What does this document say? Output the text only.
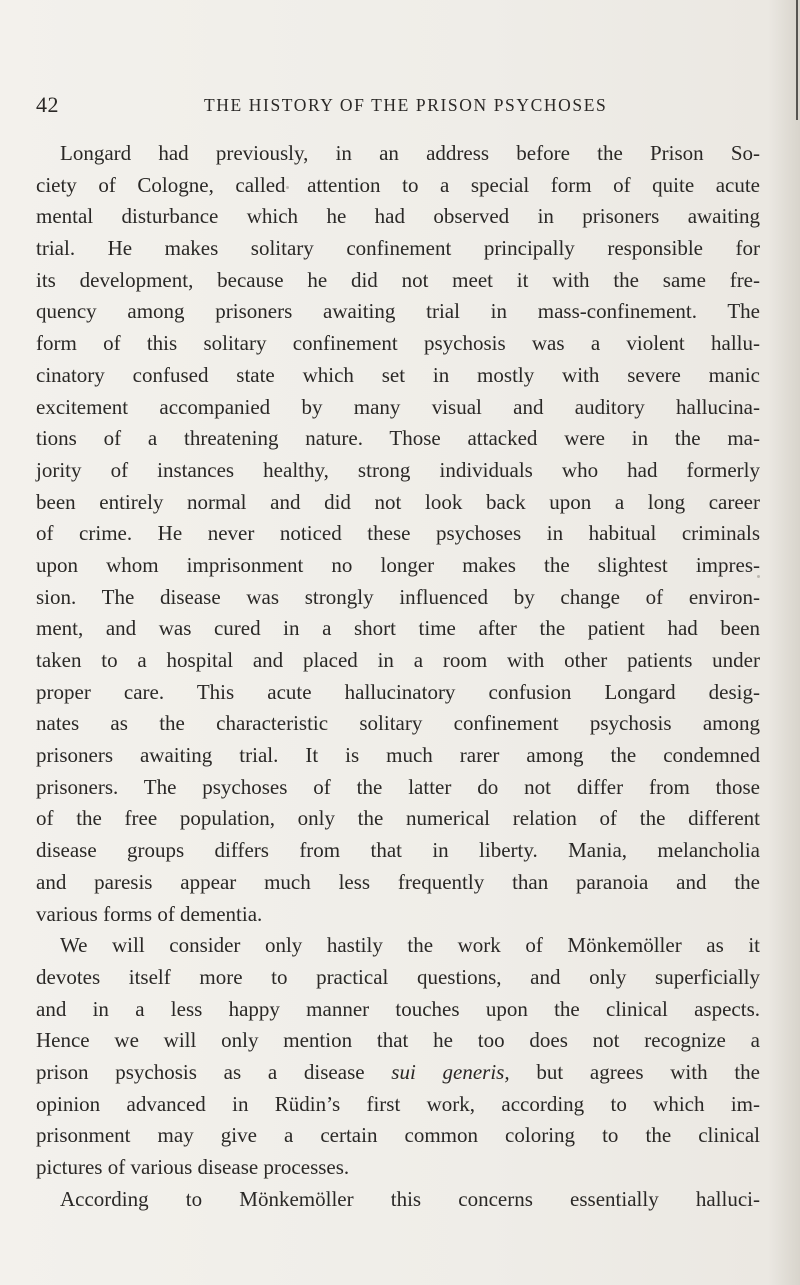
42	THE HISTORY OF THE PRISON PSYCHOSES
Longard had previously, in an address before the Prison So-
ciety of Cologne, called attention to a special form of quite acute
mental disturbance which he had observed in prisoners awaiting
trial. He makes solitary confinement principally responsible for
its development, because he did not meet it with the same fre-
quency among prisoners awaiting trial in mass-confinement. The
form of this solitary confinement psychosis was a violent hallu-
cinatory confused state which set in mostly with severe manic
excitement accompanied by many visual and auditory hallucina-
tions of a threatening nature. Those attacked were in the ma-
jority of instances healthy, strong individuals who had formerly
been entirely normal and did not look back upon a long career
of crime. He never noticed these psychoses in habitual criminals
upon whom imprisonment no longer makes the slightest impres-
sion. The disease was strongly influenced by change of environ-
ment, and was cured in a short time after the patient had been
taken to a hospital and placed in a room with other patients under
proper care. This acute hallucinatory confusion Longard desig-
nates as the characteristic solitary confinement psychosis among
prisoners awaiting trial. It is much rarer among the condemned
prisoners. The psychoses of the latter do not differ from those
of the free population, only the numerical relation of the different
disease groups differs from that in liberty. Mania, melancholia
and paresis appear much less frequently than paranoia and the
various forms of dementia.
We will consider only hastily the work of Mönkemöller as it
devotes itself more to practical questions, and only superficially
and in a less happy manner touches upon the clinical aspects.
Hence we will only mention that he too does not recognize a
prison psychosis as a disease sui generis, but agrees with the
opinion advanced in Rüdin’s first work, according to which im-
prisonment may give a certain common coloring to the clinical
pictures of various disease processes.
According to Mönkemöller this concerns essentially halluci-
